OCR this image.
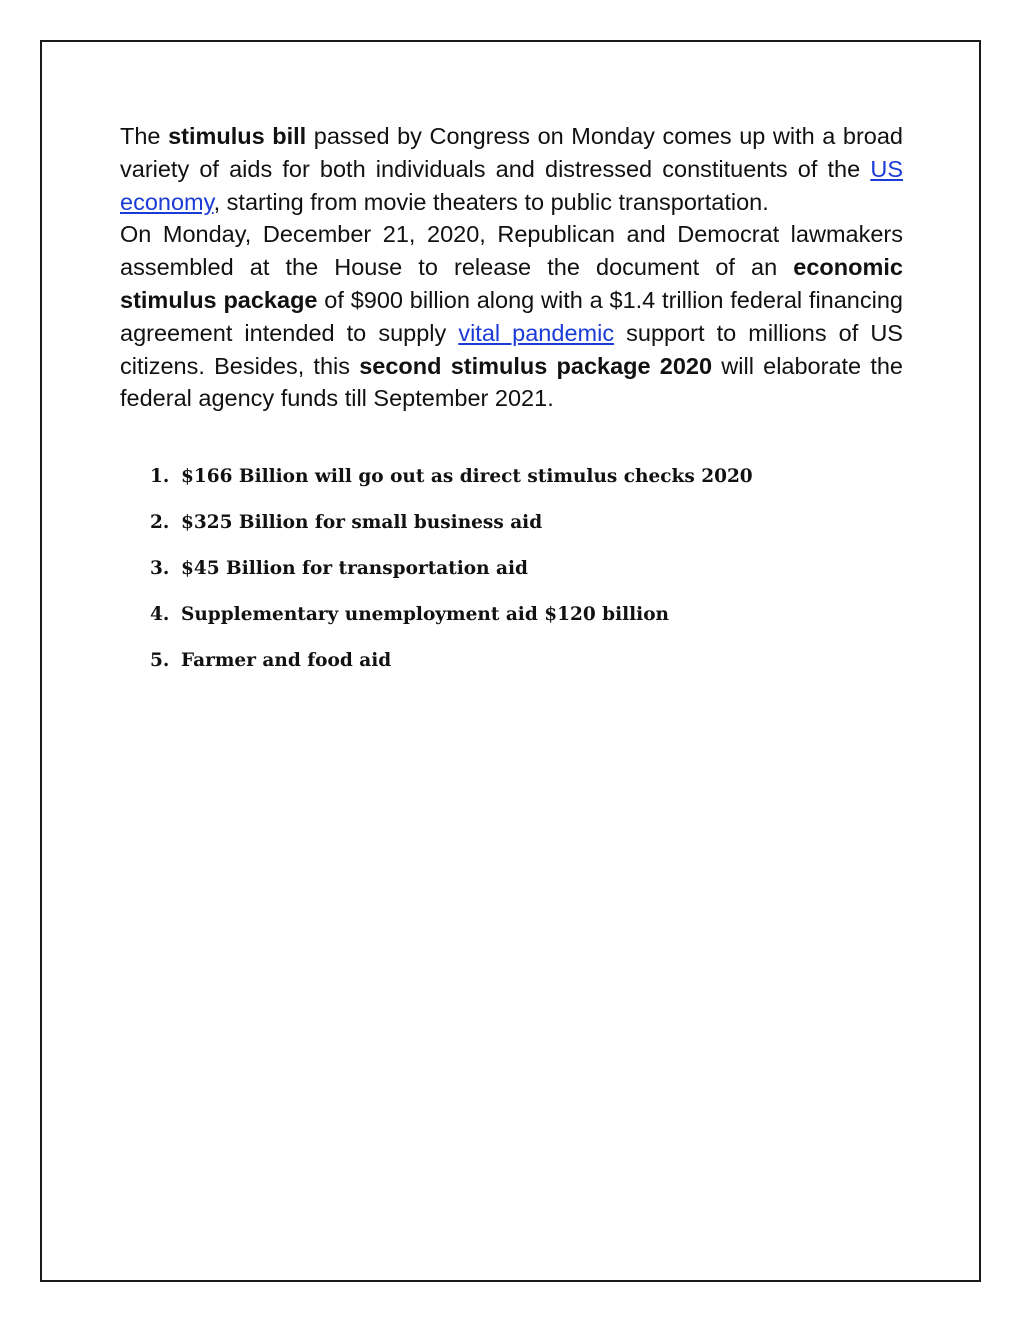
The stimulus bill passed by Congress on Monday comes up with a broad variety of aids for both individuals and distressed constituents of the US economy, starting from movie theaters to public transportation.

On Monday, December 21, 2020, Republican and Democrat lawmakers assembled at the House to release the document of an economic stimulus package of $900 billion along with a $1.4 trillion federal financing agreement intended to supply vital pandemic support to millions of US citizens. Besides, this second stimulus package 2020 will elaborate the federal agency funds till September 2021.

1. $166 Billion will go out as direct stimulus checks 2020
2. $325 Billion for small business aid
3. $45 Billion for transportation aid
4. Supplementary unemployment aid $120 billion
5. Farmer and food aid
